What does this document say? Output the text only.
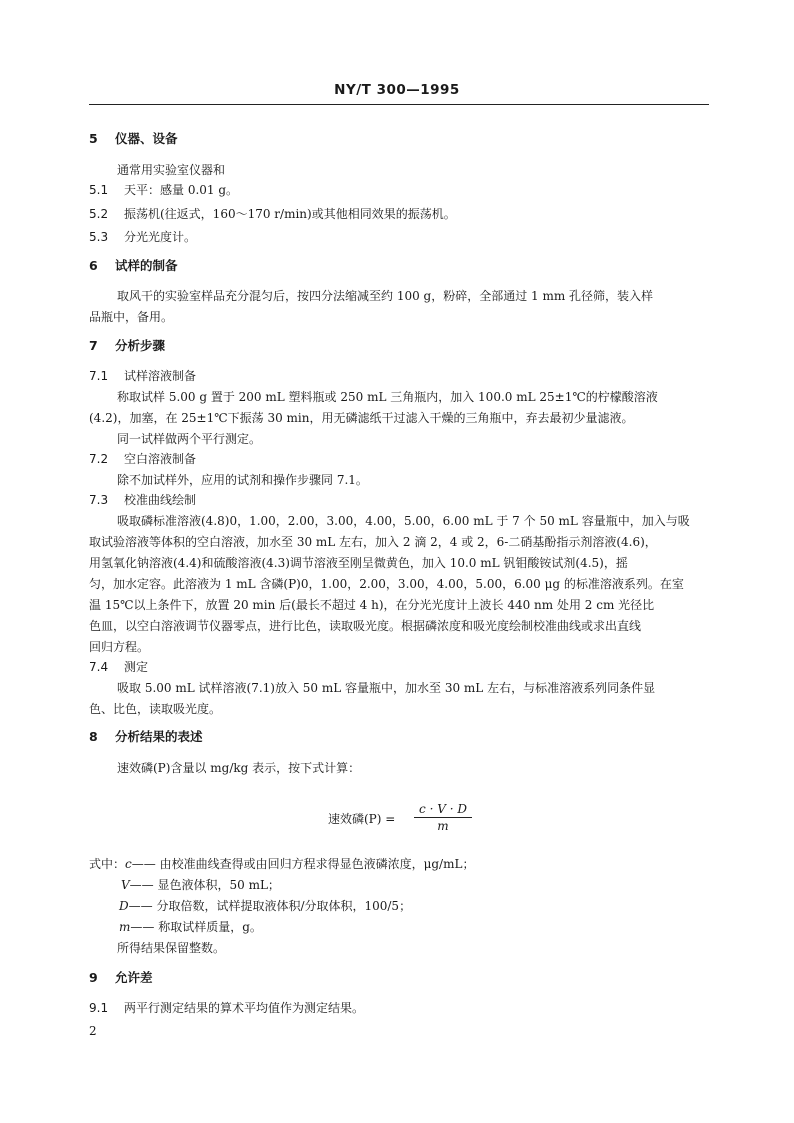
NY/T 300—1995
5 仪器、设备
通常用实验室仪器和
5.1 天平：感量 0.01 g。
5.2 振荡机(往返式，160～170 r/min)或其他相同效果的振荡机。
5.3 分光光度计。
6 试样的制备
取风干的实验室样品充分混匀后，按四分法缩减至约 100 g，粉碎，全部通过 1 mm 孔径筛，装入样
品瓶中，备用。
7 分析步骤
7.1 试样溶液制备
称取试样 5.00 g 置于 200 mL 塑料瓶或 250 mL 三角瓶内，加入 100.0 mL 25±1℃的柠檬酸溶液
(4.2)，加塞，在 25±1℃下振荡 30 min，用无磷滤纸干过滤入干燥的三角瓶中，弃去最初少量滤液。
同一试样做两个平行测定。
7.2 空白溶液制备
除不加试样外，应用的试剂和操作步骤同 7.1。
7.3 校准曲线绘制
吸取磷标准溶液(4.8)0，1.00，2.00，3.00，4.00，5.00，6.00 mL 于 7 个 50 mL 容量瓶中，加入与吸
取试验溶液等体积的空白溶液，加水至 30 mL 左右，加入 2 滴 2，4 或 2，6-二硝基酚指示剂溶液(4.6)，
用氢氧化钠溶液(4.4)和硫酸溶液(4.3)调节溶液至刚呈微黄色，加入 10.0 mL 钒钼酸铵试剂(4.5)，摇
匀，加水定容。此溶液为 1 mL 含磷(P)0，1.00，2.00，3.00，4.00，5.00，6.00 μg 的标准溶液系列。在室
温 15℃以上条件下，放置 20 min 后(最长不超过 4 h)，在分光光度计上波长 440 nm 处用 2 cm 光径比
色皿，以空白溶液调节仪器零点，进行比色，读取吸光度。根据磷浓度和吸光度绘制校准曲线或求出直线
回归方程。
7.4 测定
吸取 5.00 mL 试样溶液(7.1)放入 50 mL 容量瓶中，加水至 30 mL 左右，与标准溶液系列同条件显
色、比色，读取吸光度。
8 分析结果的表述
速效磷(P)含量以 mg/kg 表示，按下式计算：
速效磷(P) =
c · V · D
m
式中：c—— 由校准曲线查得或由回归方程求得显色液磷浓度，μg/mL；
V—— 显色液体积，50 mL；
D—— 分取倍数，试样提取液体积/分取体积，100/5；
m—— 称取试样质量，g。
所得结果保留整数。
9 允许差
9.1 两平行测定结果的算术平均值作为测定结果。
2
